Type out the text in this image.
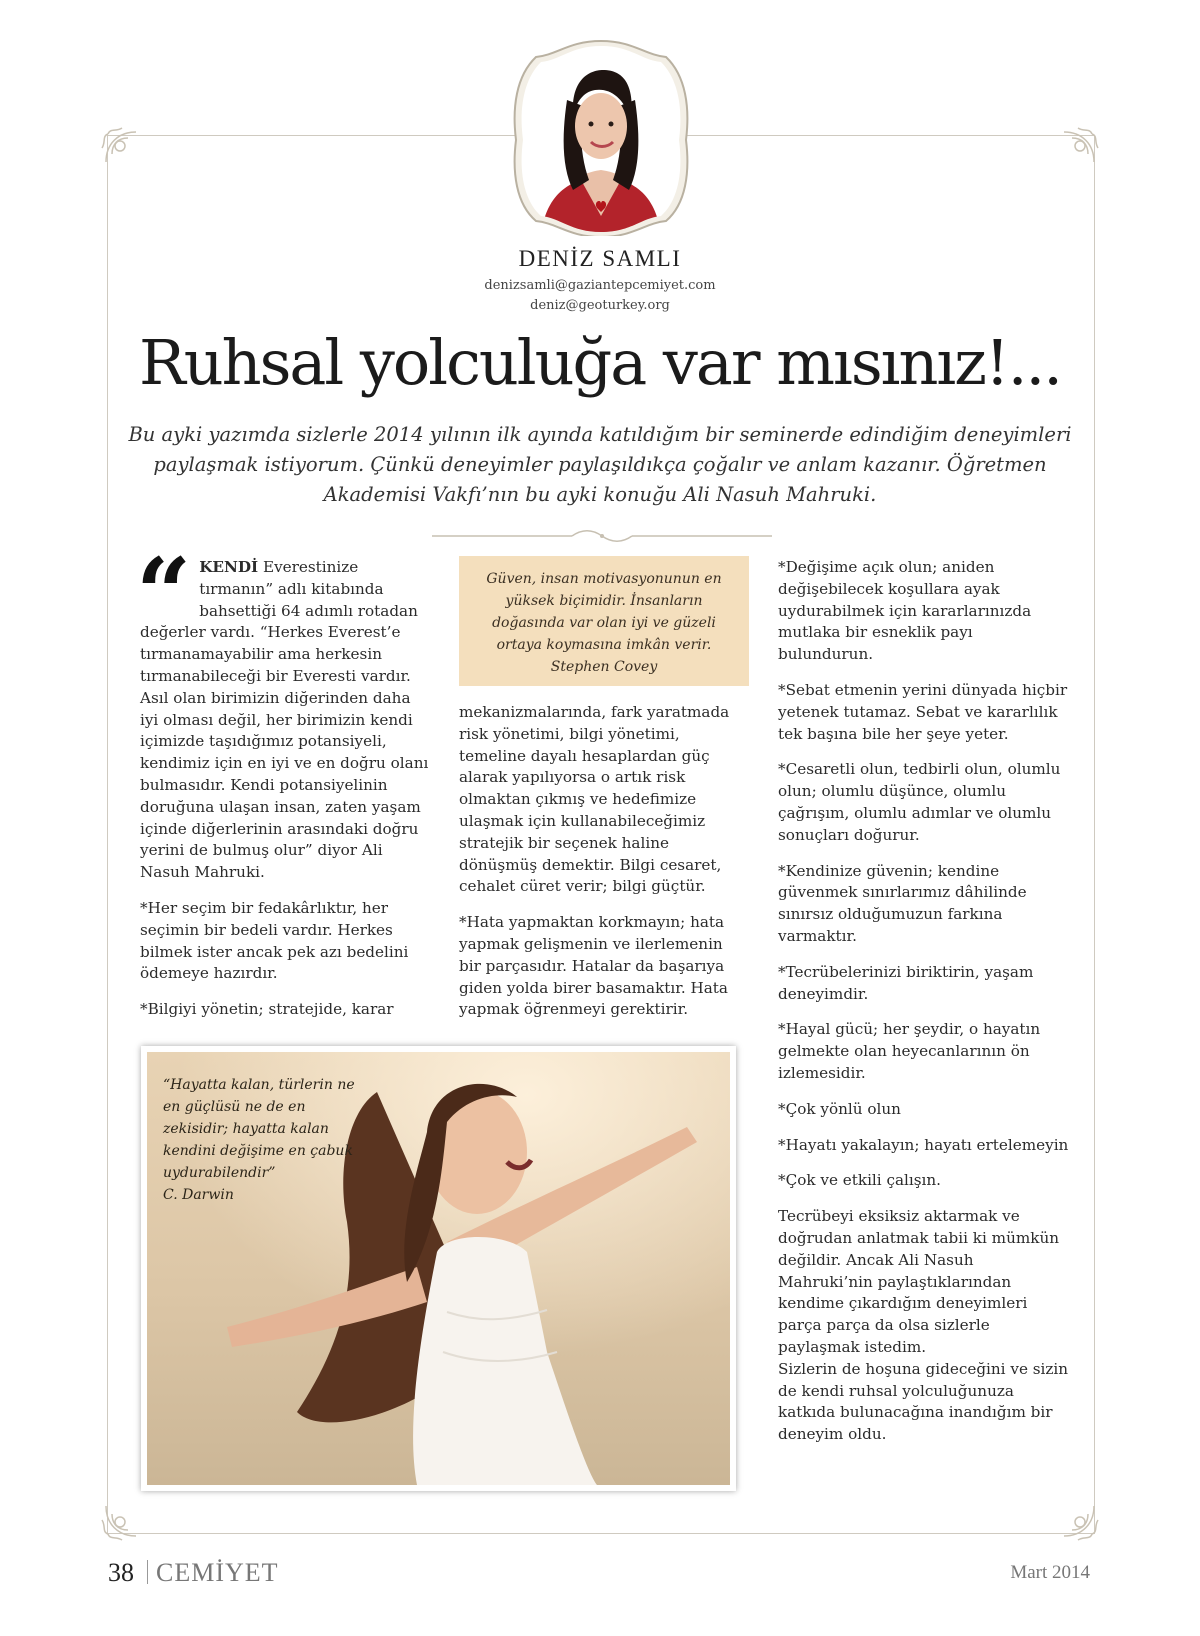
DENİZ SAMLI
denizsamli@gaziantepcemiyet.com
deniz@geoturkey.org
Ruhsal yolculuğa var mısınız!...
Bu ayki yazımda sizlerle 2014 yılının ilk ayında katıldığım bir seminerde edindiğim deneyimleri paylaşmak istiyorum. Çünkü deneyimler paylaşıldıkça çoğalır ve anlam kazanır. Öğretmen Akademisi Vakfı’nın bu ayki konuğu Ali Nasuh Mahruki.

“ KENDİ Everestinize tırmanın” adlı kitabında bahsettiği 64 adımlı rotadan değerler vardı. “Herkes Everest’e tırmanamayabilir ama herkesin tırmanabileceği bir Everesti vardır. Asıl olan birimizin diğerinden daha iyi olması değil, her birimizin kendi içimizde taşıdığımız potansiyeli, kendimiz için en iyi ve en doğru olanı bulmasıdır. Kendi potansiyelinin doruğuna ulaşan insan, zaten yaşam içinde diğerlerinin arasındaki doğru yerini de bulmuş olur” diyor Ali Nasuh Mahruki.

*Her seçim bir fedakârlıktır, her seçimin bir bedeli vardır. Herkes bilmek ister ancak pek azı bedelini ödemeye hazırdır.

*Bilgiyi yönetin; stratejide, karar

Güven, insan motivasyonunun en yüksek biçimidir. İnsanların doğasında var olan iyi ve güzeli ortaya koymasına imkân verir.
Stephen Covey

mekanizmalarında, fark yaratmada risk yönetimi, bilgi yönetimi, temeline dayalı hesaplardan güç alarak yapılıyorsa o artık risk olmaktan çıkmış ve hedefimize ulaşmak için kullanabileceğimiz stratejik bir seçenek haline dönüşmüş demektir. Bilgi cesaret, cehalet cüret verir; bilgi güçtür.

*Hata yapmaktan korkmayın; hata yapmak gelişmenin ve ilerlemenin bir parçasıdır. Hatalar da başarıya giden yolda birer basamaktır. Hata yapmak öğrenmeyi gerektirir.

*Değişime açık olun; aniden değişebilecek koşullara ayak uydurabilmek için kararlarınızda mutlaka bir esneklik payı bulundurun.

*Sebat etmenin yerini dünyada hiçbir yetenek tutamaz. Sebat ve kararlılık tek başına bile her şeye yeter.

*Cesaretli olun, tedbirli olun, olumlu olun; olumlu düşünce, olumlu çağrışım, olumlu adımlar ve olumlu sonuçları doğurur.

*Kendinize güvenin; kendine güvenmek sınırlarımız dâhilinde sınırsız olduğumuzun farkına varmaktır.

*Tecrübelerinizi biriktirin, yaşam deneyimdir.

*Hayal gücü; her şeydir, o hayatın gelmekte olan heyecanlarının ön izlemesidir.

*Çok yönlü olun

*Hayatı yakalayın; hayatı ertelemeyin

*Çok ve etkili çalışın.

Tecrübeyi eksiksiz aktarmak ve doğrudan anlatmak tabii ki mümkün değildir. Ancak Ali Nasuh Mahruki’nin paylaştıklarından kendime çıkardığım deneyimleri parça parça da olsa sizlerle paylaşmak istedim.

Sizlerin de hoşuna gideceğini ve sizin de kendi ruhsal yolculuğunuza katkıda bulunacağına inandığım bir deneyim oldu.

“Hayatta kalan, türlerin ne en güçlüsü ne de en zekisidir; hayatta kalan kendini değişime en çabuk uydurabilendir”
C. Darwin
38 CEMİYET	Mart 2014
